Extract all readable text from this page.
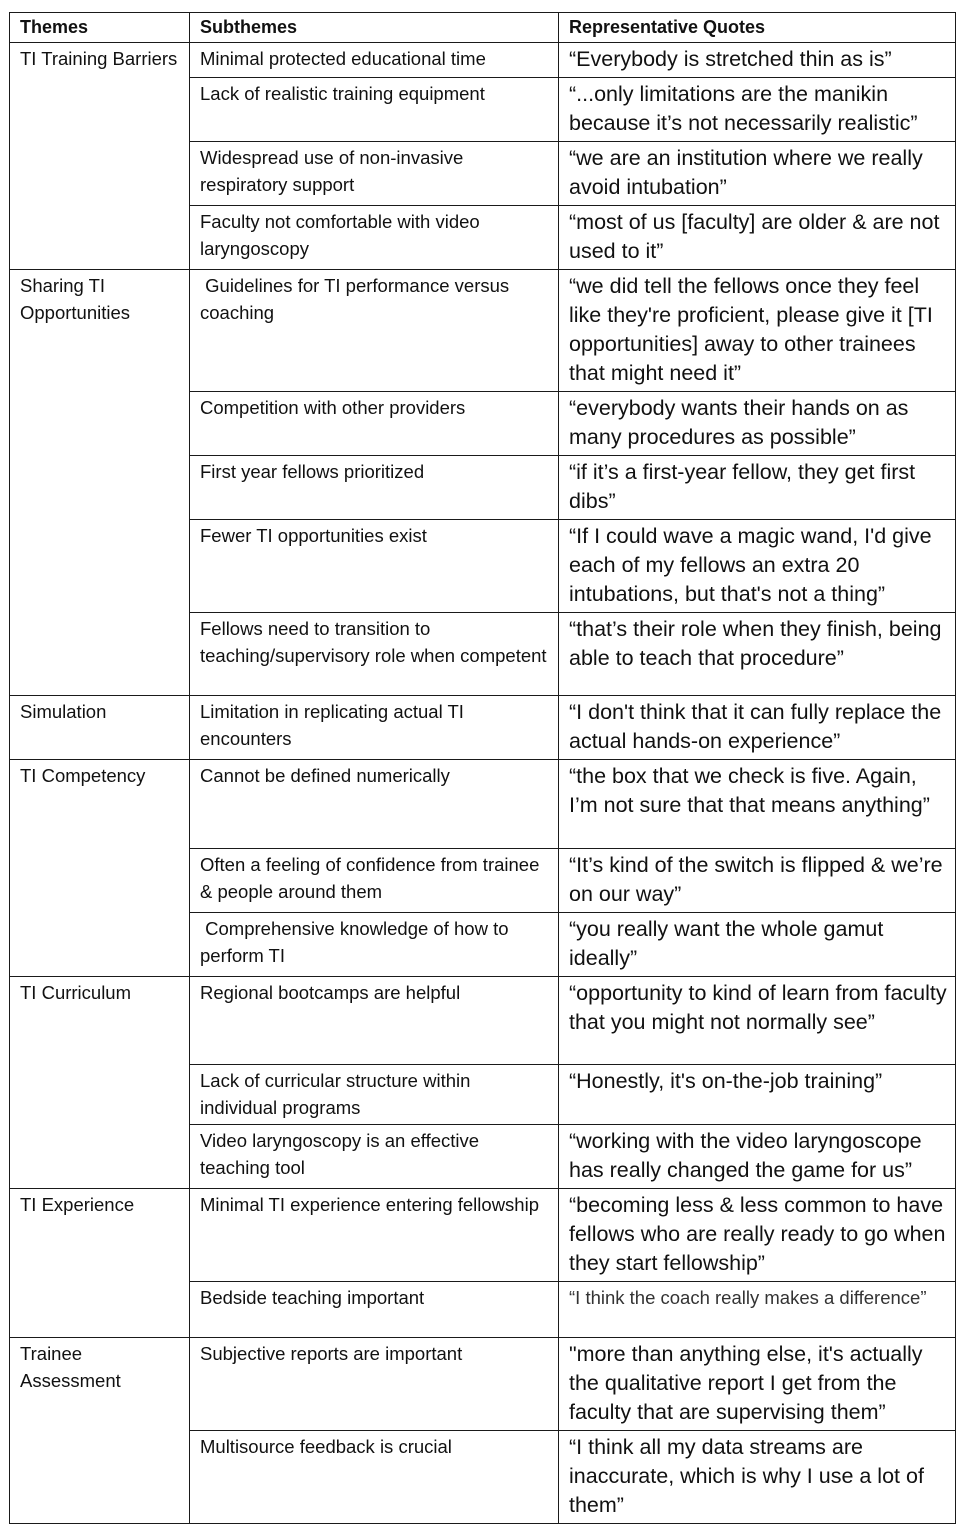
Themes	Subthemes	Representative Quotes
TI Training Barriers	Minimal protected educational time	“Everybody is stretched thin as is”
	Lack of realistic training equipment	“...only limitations are the manikin because it’s not necessarily realistic”
	Widespread use of non-invasive respiratory support	“we are an institution where we really avoid intubation”
	Faculty not comfortable with video laryngoscopy	“most of us [faculty] are older & are not used to it”
Sharing TI Opportunities	Guidelines for TI performance versus coaching	“we did tell the fellows once they feel like they're proficient, please give it [TI opportunities] away to other trainees that might need it”
	Competition with other providers	“everybody wants their hands on as many procedures as possible”
	First year fellows prioritized	“if it’s a first-year fellow, they get first dibs”
	Fewer TI opportunities exist	“If I could wave a magic wand, I'd give each of my fellows an extra 20 intubations, but that's not a thing”
	Fellows need to transition to teaching/supervisory role when competent	“that’s their role when they finish, being able to teach that procedure”
Simulation	Limitation in replicating actual TI encounters	“I don't think that it can fully replace the actual hands-on experience”
TI Competency	Cannot be defined numerically	“the box that we check is five. Again, I’m not sure that that means anything”
	Often a feeling of confidence from trainee & people around them	“It’s kind of the switch is flipped & we’re on our way”
	Comprehensive knowledge of how to perform TI	“you really want the whole gamut ideally”
TI Curriculum	Regional bootcamps are helpful	“opportunity to kind of learn from faculty that you might not normally see”
	Lack of curricular structure within individual programs	“Honestly, it's on-the-job training”
	Video laryngoscopy is an effective teaching tool	“working with the video laryngoscope has really changed the game for us”
TI Experience	Minimal TI experience entering fellowship	“becoming less & less common to have fellows who are really ready to go when they start fellowship”
	Bedside teaching important	“I think the coach really makes a difference”
Trainee Assessment	Subjective reports are important	"more than anything else, it's actually the qualitative report I get from the faculty that are supervising them”
	Multisource feedback is crucial	“I think all my data streams are inaccurate, which is why I use a lot of them”
